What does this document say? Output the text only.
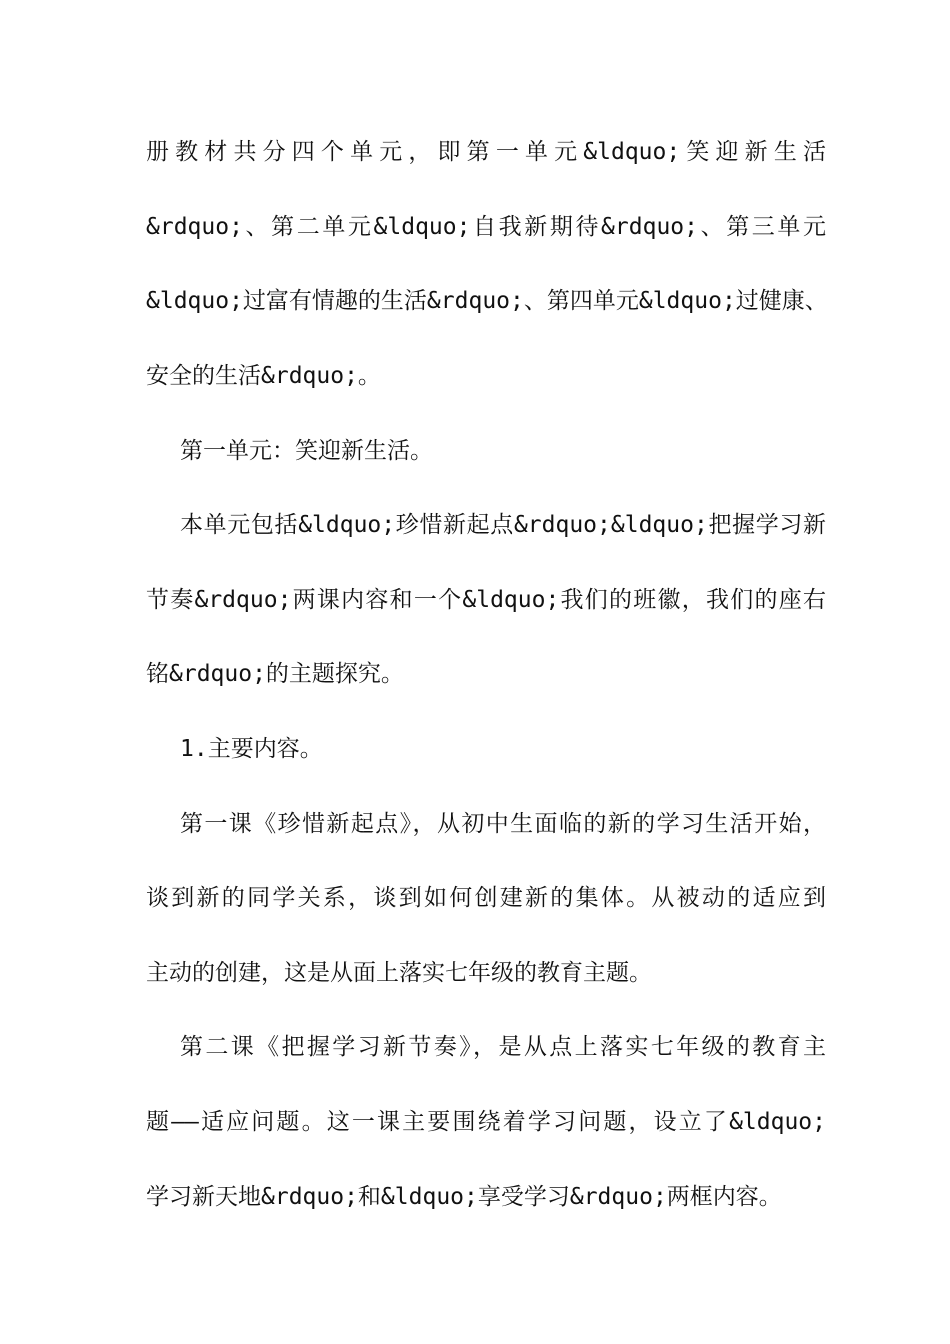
册教材共分四个单元，即第一单元&ldquo;笑迎新生活
&rdquo;、第二单元&ldquo;自我新期待&rdquo;、第三单元
&ldquo;过富有情趣的生活&rdquo;、第四单元&ldquo;过健康、
安全的生活&rdquo;。
第一单元：笑迎新生活。
本单元包括&ldquo;珍惜新起点&rdquo;&ldquo;把握学习新
节奏&rdquo;两课内容和一个&ldquo;我们的班徽，我们的座右
铭&rdquo;的主题探究。
1.主要内容。
第一课《珍惜新起点》，从初中生面临的新的学习生活开始，
谈到新的同学关系，谈到如何创建新的集体。从被动的适应到
主动的创建，这是从面上落实七年级的教育主题。
第二课《把握学习新节奏》，是从点上落实七年级的教育主
题——适应问题。这一课主要围绕着学习问题，设立了&ldquo;
学习新天地&rdquo;和&ldquo;享受学习&rdquo;两框内容。
